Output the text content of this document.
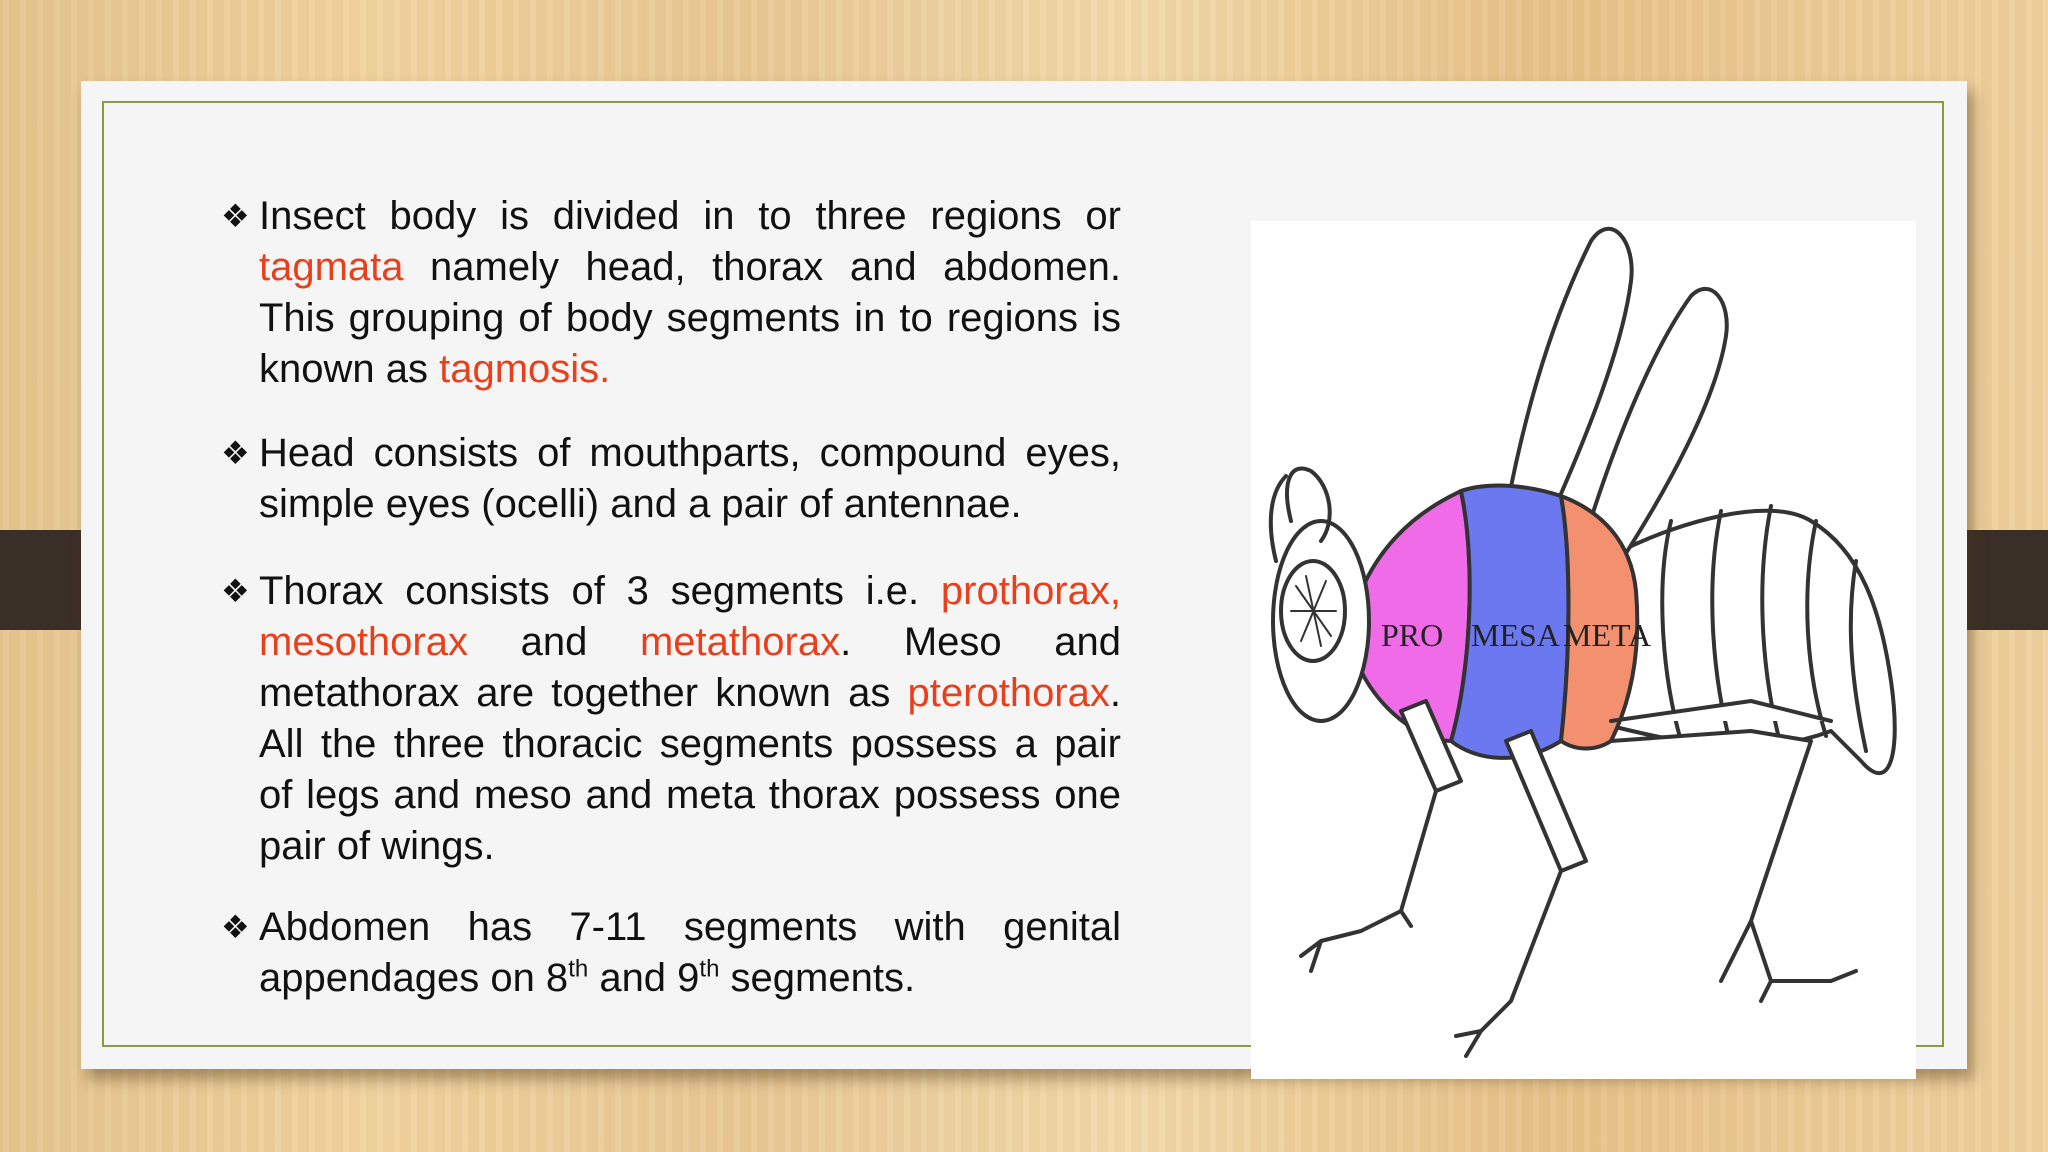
❖ Insect body is divided in to three regions or tagmata namely head, thorax and abdomen. This grouping of body segments in to regions is known as tagmosis.
❖ Head consists of mouthparts, compound eyes, simple eyes (ocelli) and a pair of antennae.
❖ Thorax consists of 3 segments i.e. prothorax, mesothorax and metathorax. Meso and metathorax are together known as pterothorax. All the three thoracic segments possess a pair of legs and meso and meta thorax possess one pair of wings.
❖ Abdomen has 7-11 segments with genital appendages on 8th and 9th segments.
PRO MESA META
